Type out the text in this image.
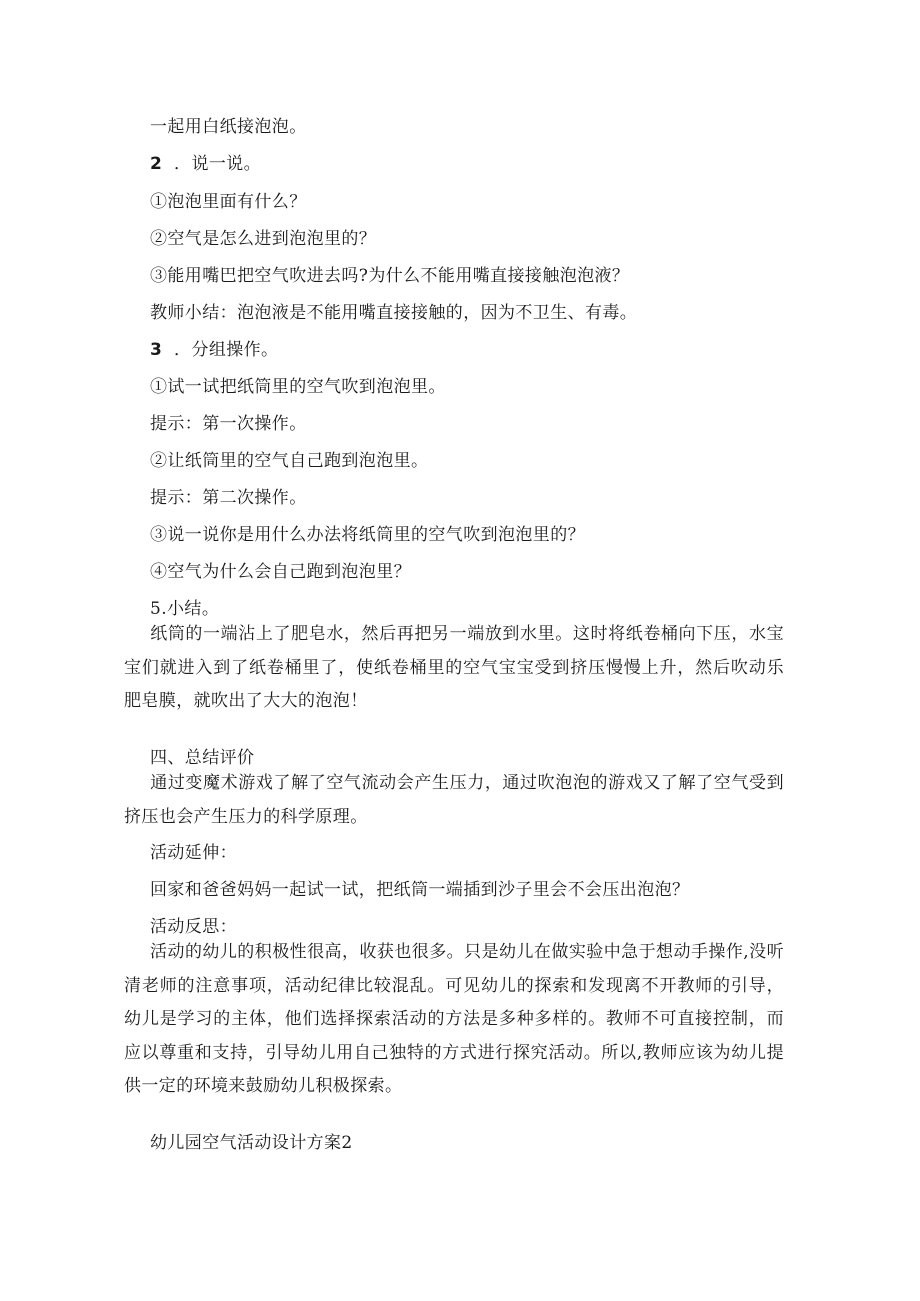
一起用白纸接泡泡。
2 ．说一说。
①泡泡里面有什么？
②空气是怎么进到泡泡里的？
③能用嘴巴把空气吹进去吗?为什么不能用嘴直接接触泡泡液？
教师小结：泡泡液是不能用嘴直接接触的，因为不卫生、有毒。
3 ．分组操作。
①试一试把纸筒里的空气吹到泡泡里。
提示：第一次操作。
②让纸筒里的空气自己跑到泡泡里。
提示：第二次操作。
③说一说你是用什么办法将纸筒里的空气吹到泡泡里的？
④空气为什么会自己跑到泡泡里？
5.小结。
纸筒的一端沾上了肥皂水，然后再把另一端放到水里。这时将纸卷桶向下压，水宝宝们就进入到了纸卷桶里了，使纸卷桶里的空气宝宝受到挤压慢慢上升，然后吹动乐肥皂膜，就吹出了大大的泡泡！
四、总结评价
通过变魔术游戏了解了空气流动会产生压力，通过吹泡泡的游戏又了解了空气受到挤压也会产生压力的科学原理。
活动延伸：
回家和爸爸妈妈一起试一试，把纸筒一端插到沙子里会不会压出泡泡？
活动反思：
活动的幼儿的积极性很高，收获也很多。只是幼儿在做实验中急于想动手操作,没听清老师的注意事项，活动纪律比较混乱。可见幼儿的探索和发现离不开教师的引导，幼儿是学习的主体，他们选择探索活动的方法是多种多样的。教师不可直接控制，而应以尊重和支持，引导幼儿用自己独特的方式进行探究活动。所以,教师应该为幼儿提供一定的环境来鼓励幼儿积极探索。
幼儿园空气活动设计方案2
